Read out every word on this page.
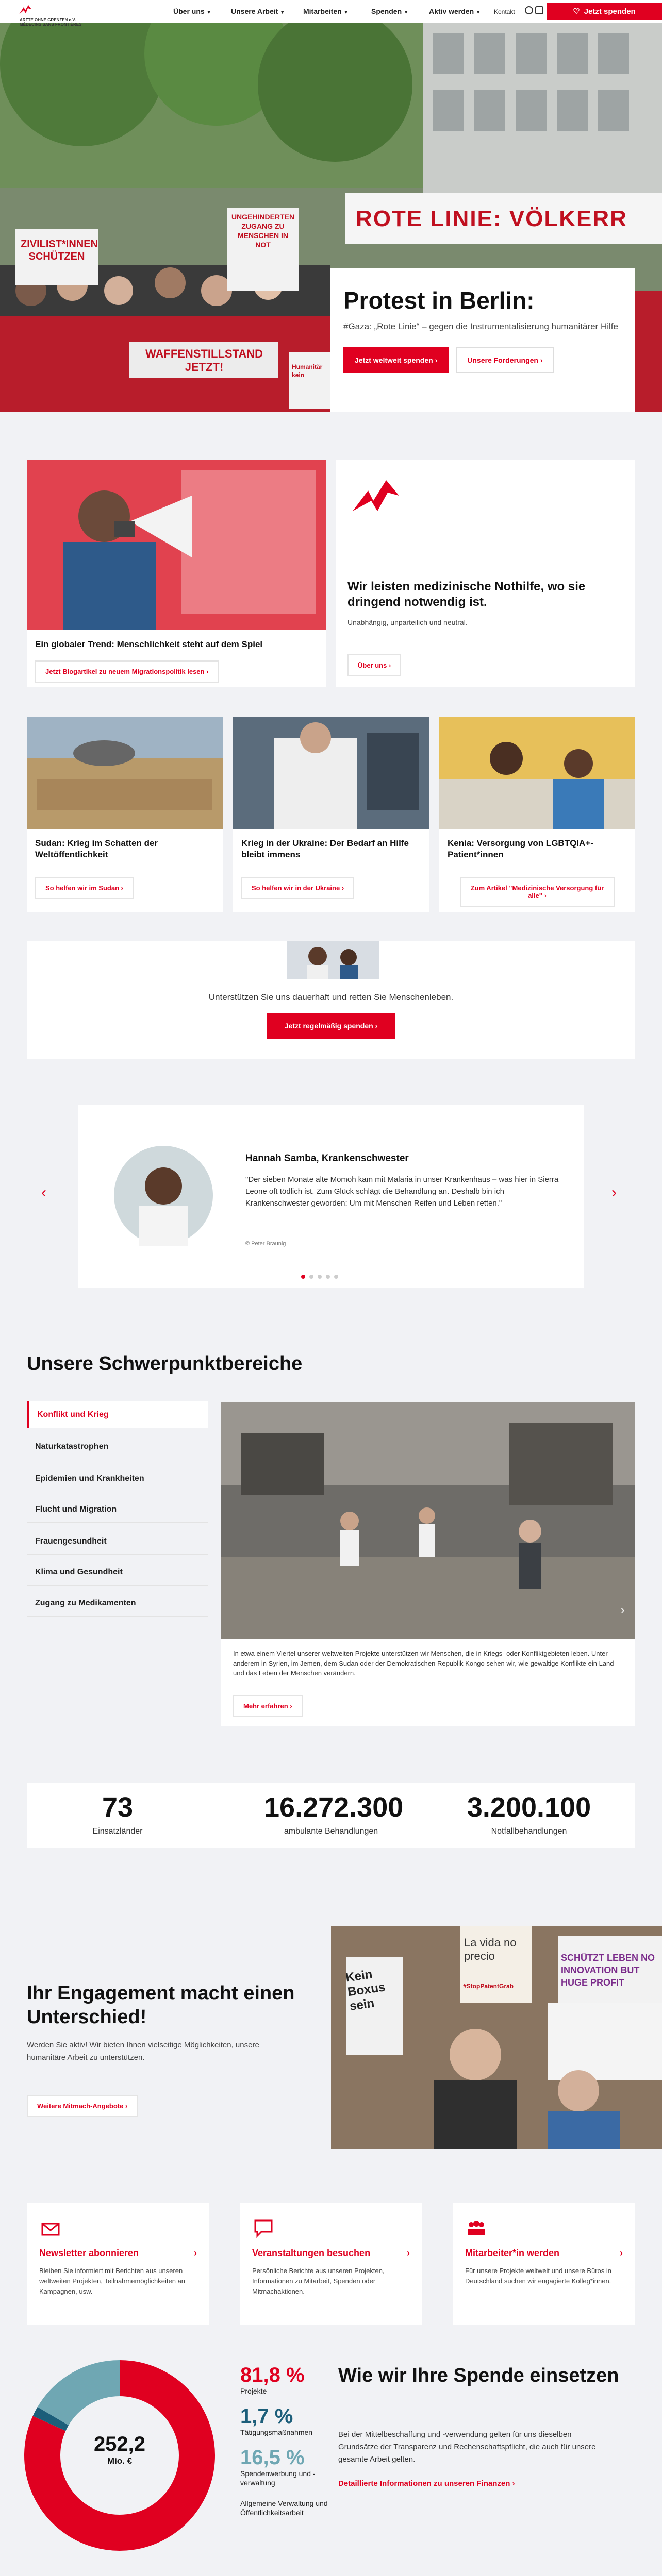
ÄRZTE OHNE GRENZEN e.V. MÉDECINS SANS FRONTIÈRES
Über uns ▼	Unsere Arbeit ▼	Mitarbeiten ▼	Spenden ▼	Aktiv werden ▼ Kontakt	♡ Jetzt spenden
ZIVILIST*INNEN SCHÜTZEN
UNGEHINDERTEN ZUGANG ZU MENSCHEN IN NOT
ROTE LINIE: VÖLKERR
WAFFENSTILLSTAND JETZT!	Humanitär kein
Protest in Berlin:

#Gaza: „Rote Linie“ – gegen die Instrumentalisierung humanitärer Hilfe

Jetzt weltweit spenden ›	Unsere Forderungen ›
Ein globaler Trend: Menschlichkeit steht auf dem Spiel
Jetzt Blogartikel zu neuem Migrationspolitik lesen ›
Wir leisten medizinische Nothilfe, wo sie dringend notwendig ist.
Unabhängig, unparteilich und neutral.
Über uns ›
Sudan: Krieg im Schatten der Weltöffentlichkeit
So helfen wir im Sudan ›
Krieg in der Ukraine: Der Bedarf an Hilfe bleibt immens
So helfen wir in der Ukraine ›
Kenia: Versorgung von LGBTQIA+-Patient*innen
Zum Artikel "Medizinische Versorgung für alle" ›
Unterstützen Sie uns dauerhaft und retten Sie Menschenleben.
Jetzt regelmäßig spenden ›
‹	›
Hannah Samba, Krankenschwester
"Der sieben Monate alte Momoh kam mit Malaria in unser Krankenhaus – was hier in Sierra Leone oft tödlich ist. Zum Glück schlägt die Behandlung an. Deshalb bin ich Krankenschwester geworden: Um mit Menschen Reifen und Leben retten."
© Peter Bräunig
Unsere Schwerpunktbereiche
Konflikt und Krieg
Naturkatastrophen
Epidemien und Krankheiten
Flucht und Migration
Frauengesundheit
Klima und Gesundheit
Zugang zu Medikamenten
›
In etwa einem Viertel unserer weltweiten Projekte unterstützen wir Menschen, die in Kriegs- oder Konfliktgebieten leben. Unter anderem in Syrien, im Jemen, dem Sudan oder der Demokratischen Republik Kongo sehen wir, wie gewaltige Konflikte ein Land und das Leben der Menschen verändern.
Mehr erfahren ›
73
Einsatzländer
16.272.300
ambulante Behandlungen
3.200.100
Notfallbehandlungen
Ihr Engagement macht einen Unterschied!
Werden Sie aktiv! Wir bieten Ihnen vielseitige Möglichkeiten, unsere humanitäre Arbeit zu unterstützen.
Weitere Mitmach-Angebote ›
Kein Boxus sein
La vida no precio
#StopPatentGrab
SCHÜTZT LEBEN NO INNOVATION BUT HUGE PROFIT
Newsletter abonnieren	›

Bleiben Sie informiert mit Berichten aus unseren weltweiten Projekten, Teilnahmemöglichkeiten an Kampagnen, usw.

Veranstaltungen besuchen	›

Persönliche Berichte aus unseren Projekten, Informationen zu Mitarbeit, Spenden oder Mitmachaktionen.

Mitarbeiter*in werden	›

Für unsere Projekte weltweit und unsere Büros in Deutschland suchen wir engagierte Kolleg*innen.

252,2
Mio. €
81,8 %
Projekte
1,7 %
Tätigungsmaßnahmen
16,5 %
Spendenwerbung und -verwaltung
Allgemeine Verwaltung und Öffentlichkeitsarbeit
Wie wir Ihre Spende einsetzen
Bei der Mittelbeschaffung und -verwendung gelten für uns dieselben Grundsätze der Transparenz und Rechenschaftspflicht, die auch für unsere gesamte Arbeit gelten.
Detaillierte Informationen zu unseren Finanzen ›
